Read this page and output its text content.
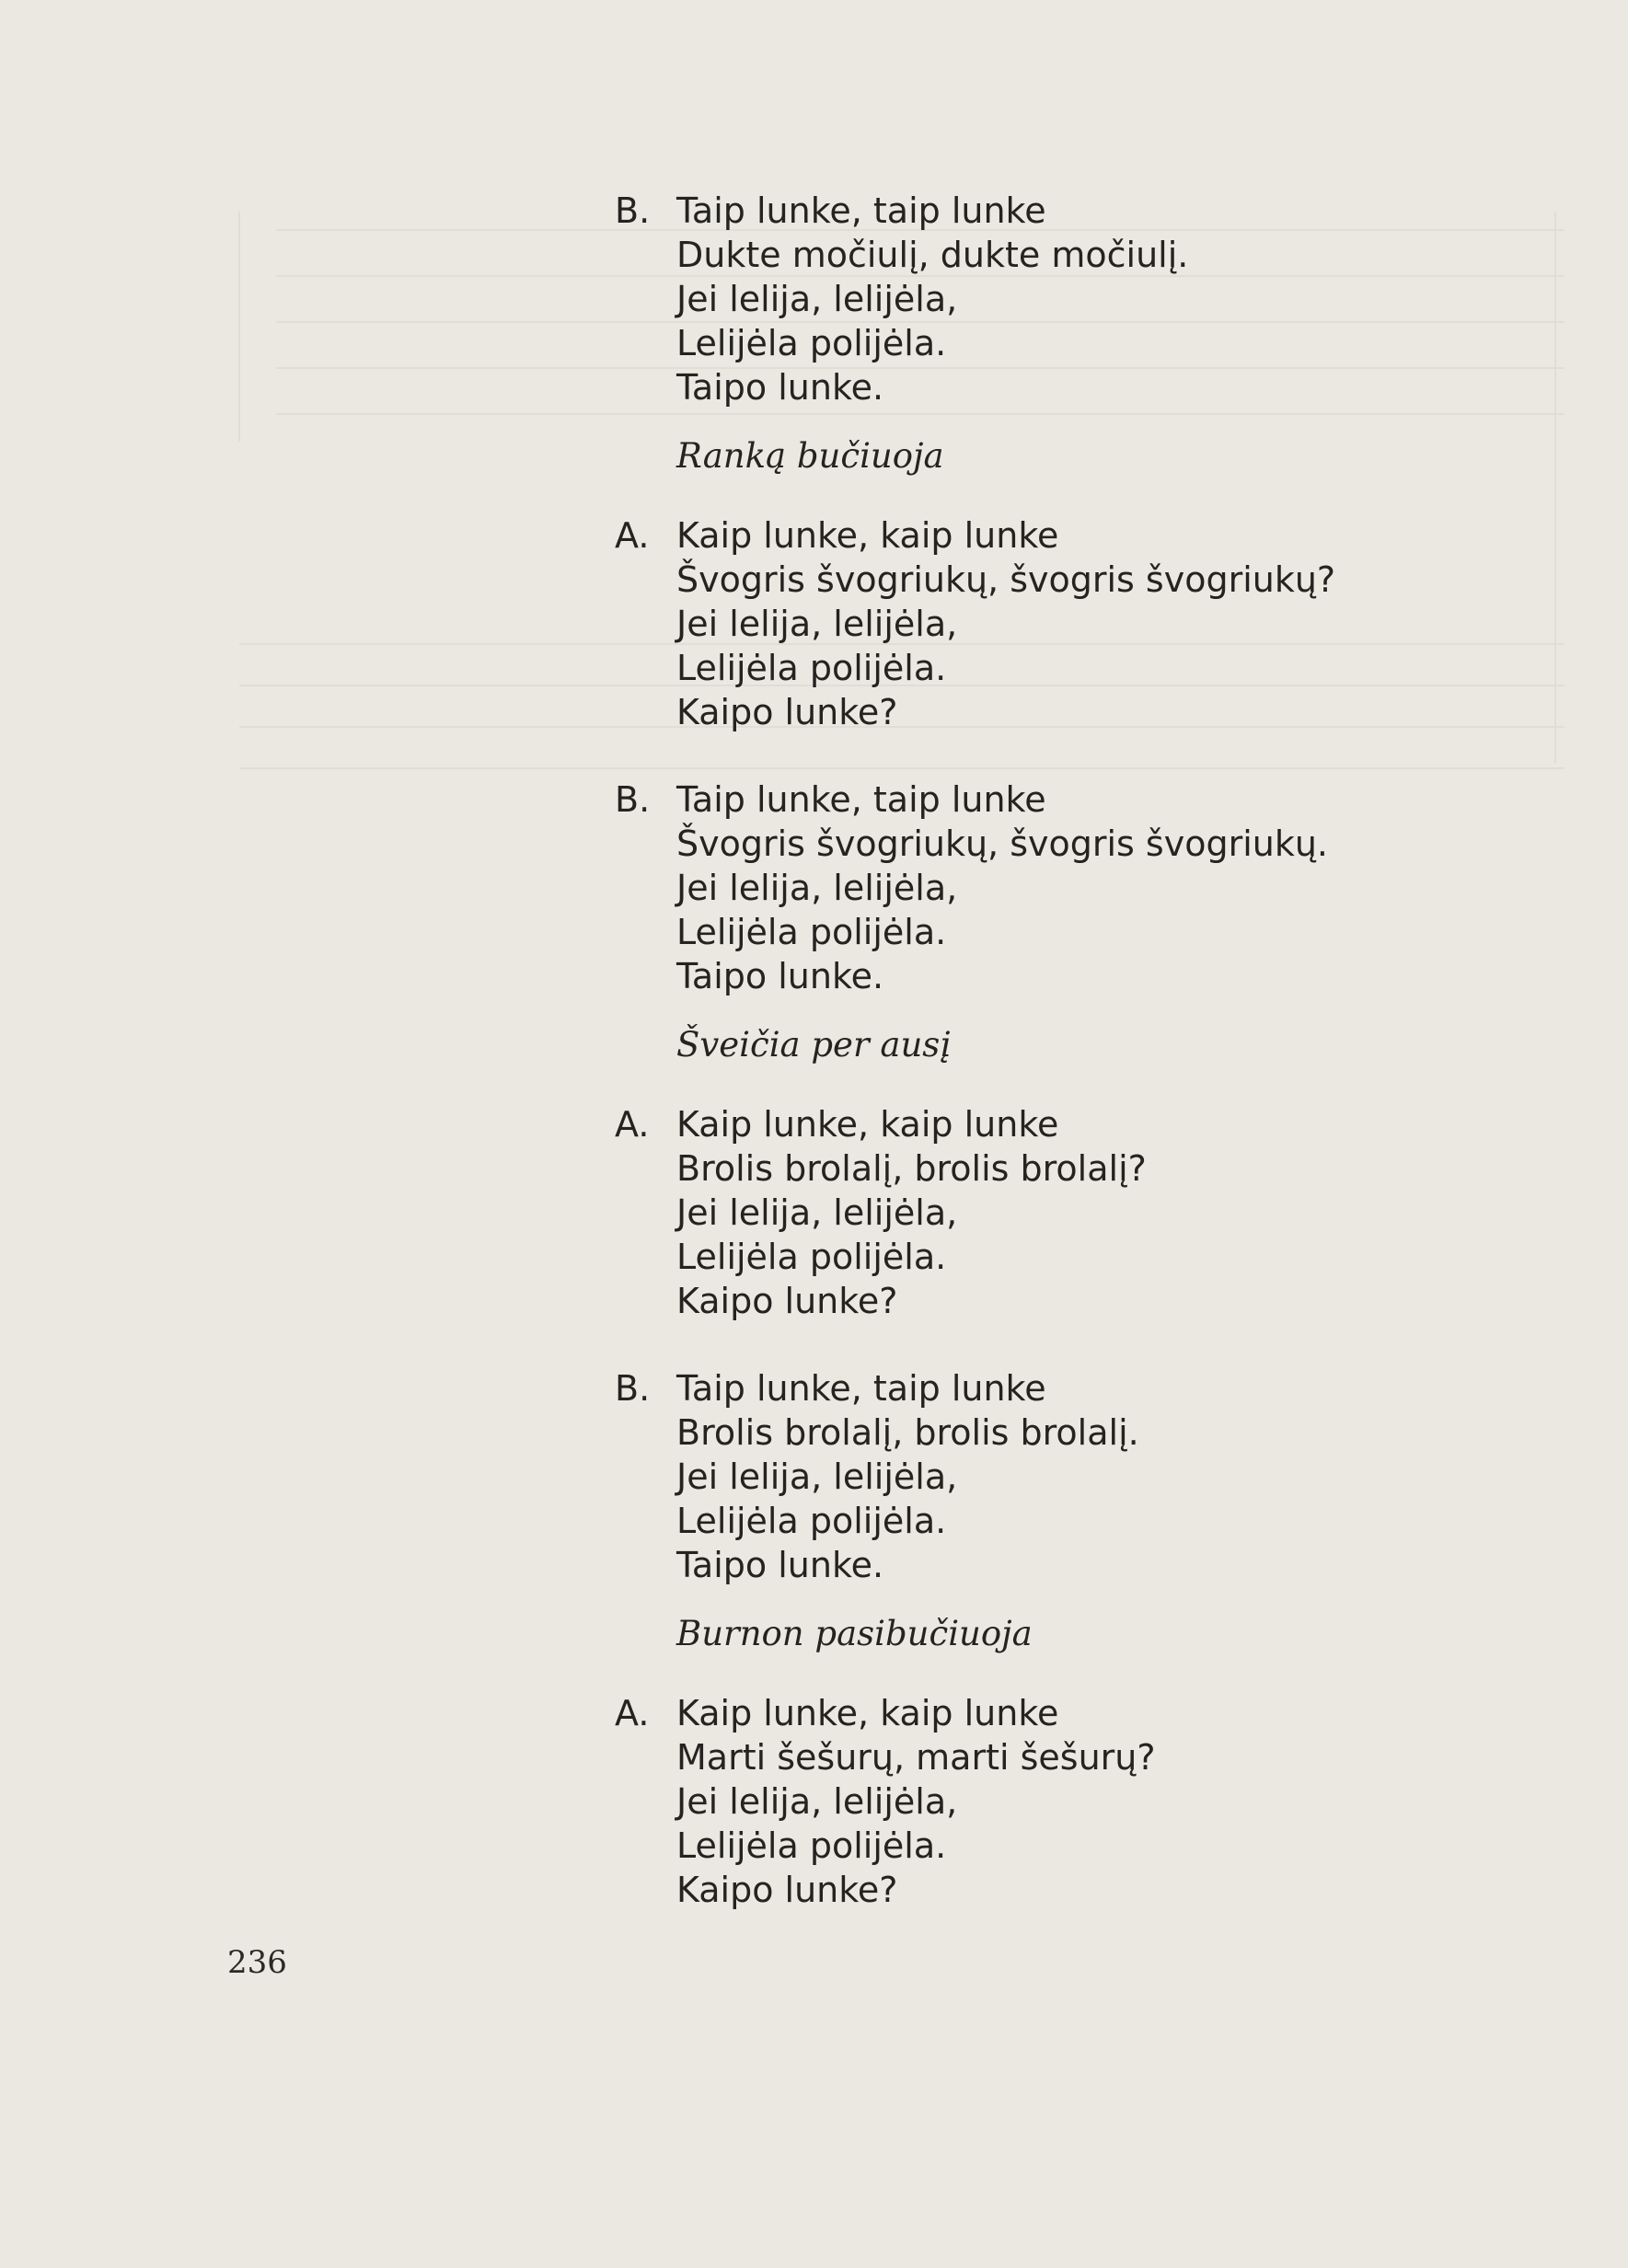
B. Taip lunke, taip lunke
Dukte močiulį, dukte močiulį.
Jei lelija, lelijėla,
Lelijėla polijėla.
Taipo lunke.
Ranką bučiuoja
A. Kaip lunke, kaip lunke
Švogris švogriukų, švogris švogriukų?
Jei lelija, lelijėla,
Lelijėla polijėla.
Kaipo lunke?
B. Taip lunke, taip lunke
Švogris švogriukų, švogris švogriukų.
Jei lelija, lelijėla,
Lelijėla polijėla.
Taipo lunke.
Šveičia per ausį
A. Kaip lunke, kaip lunke
Brolis brolalį, brolis brolalį?
Jei lelija, lelijėla,
Lelijėla polijėla.
Kaipo lunke?
B. Taip lunke, taip lunke
Brolis brolalį, brolis brolalį.
Jei lelija, lelijėla,
Lelijėla polijėla.
Taipo lunke.
Burnon pasibučiuoja
A. Kaip lunke, kaip lunke
Marti šešurų, marti šešurų?
Jei lelija, lelijėla,
Lelijėla polijėla.
Kaipo lunke?
236
